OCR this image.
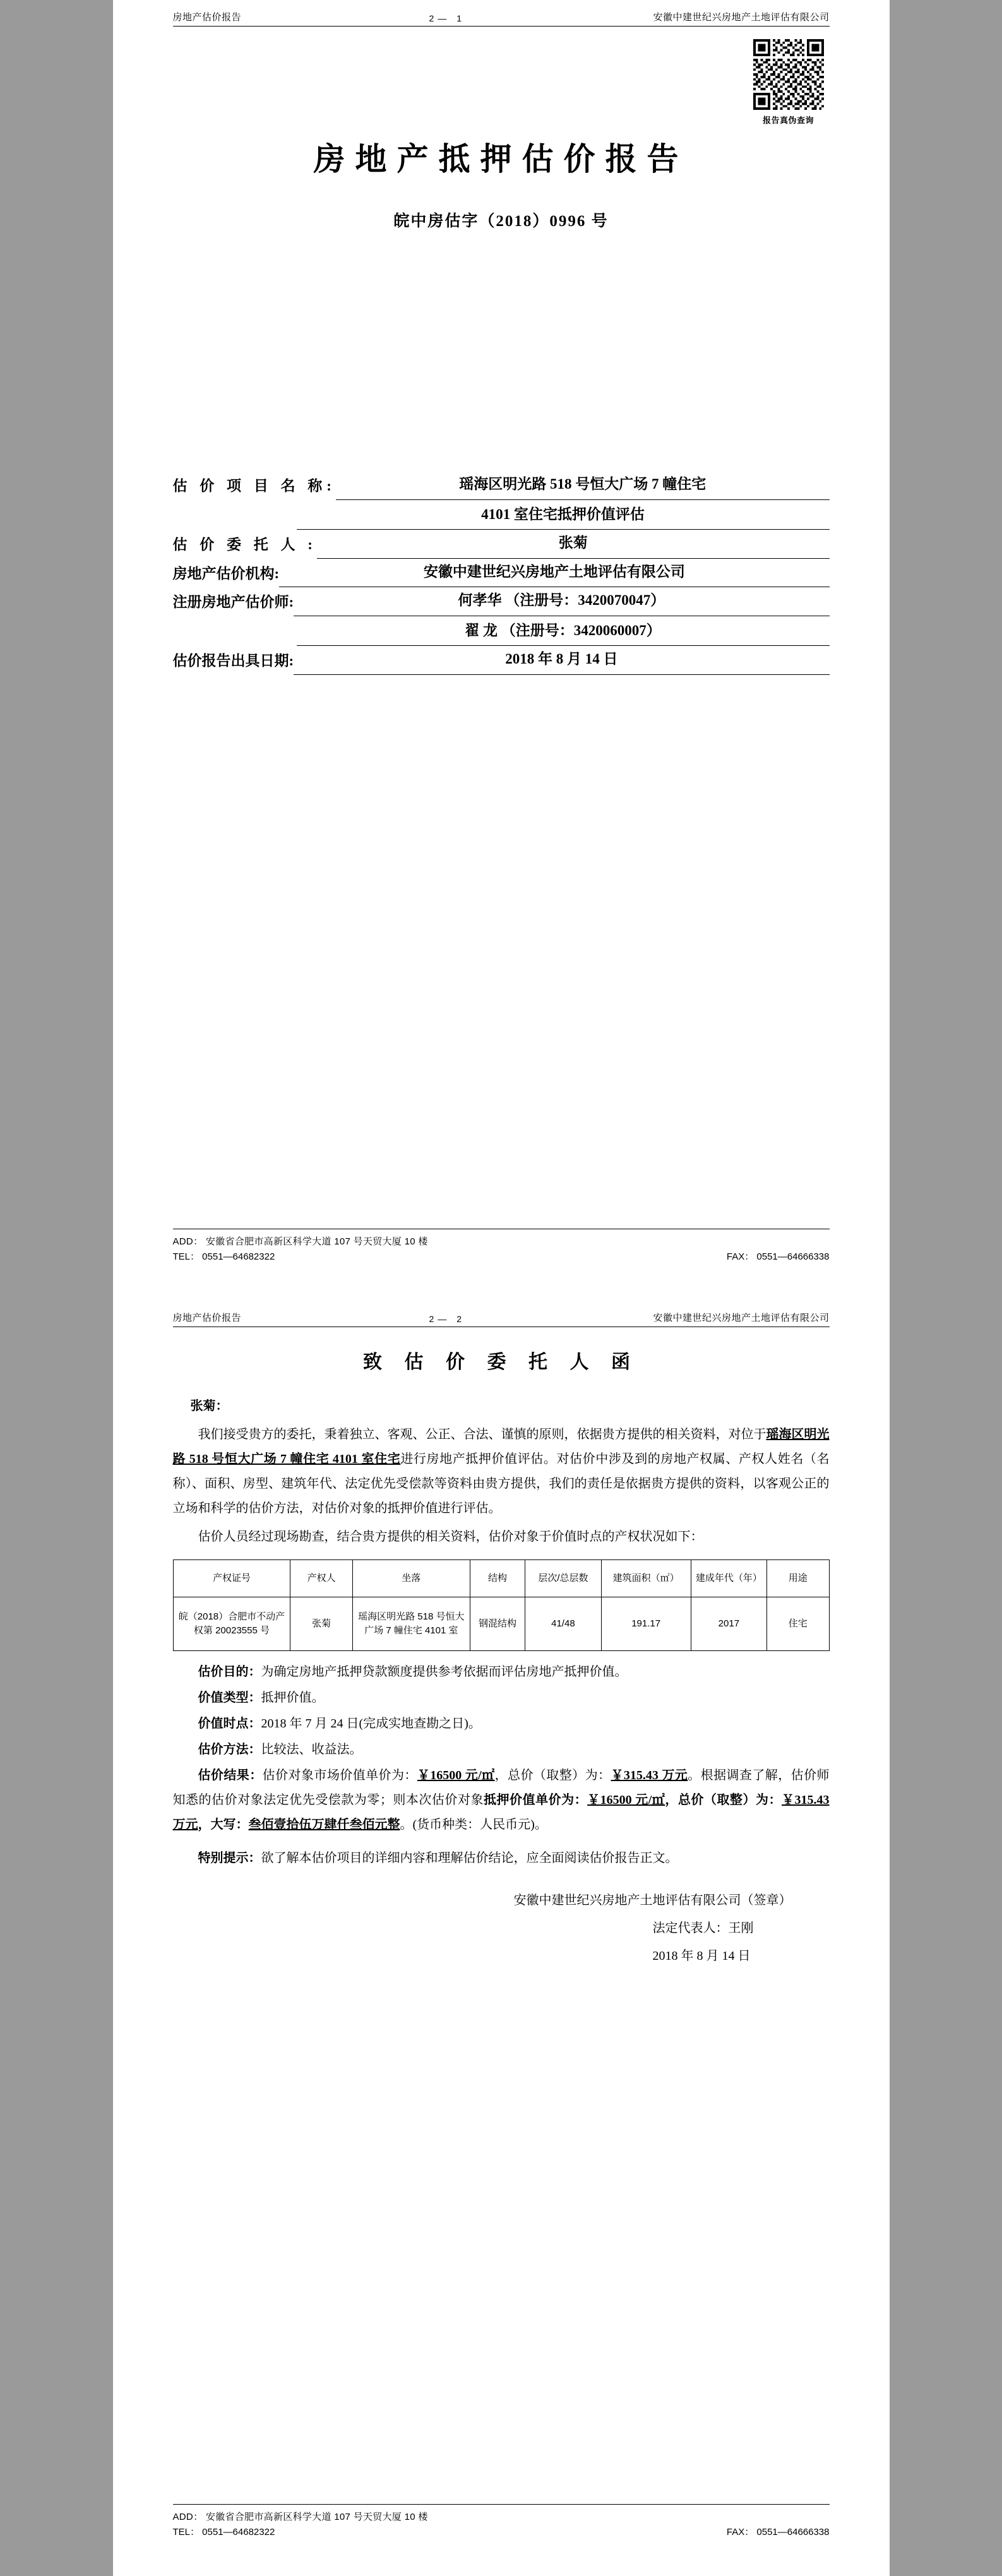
房地产估价报告	2— 1	安徽中建世纪兴房地产土地评估有限公司
报告真伪查询
房地产抵押估价报告
皖中房估字（2018）0996 号
估 价 项 目 名 称:	瑶海区明光路 518 号恒大广场 7 幢住宅
4101 室住宅抵押价值评估
估 价 委 托 人 :	张菊
房地产估价机构:	安徽中建世纪兴房地产土地评估有限公司
注册房地产估价师:	何孝华 （注册号：3420070047）
翟 龙 （注册号：3420060007）
估价报告出具日期:	2018 年 8 月 14 日
ADD： 安徽省合肥市高新区科学大道 107 号天贸大厦 10 楼
TEL： 0551—64682322	FAX： 0551—64666338
房地产估价报告	2— 2	安徽中建世纪兴房地产土地评估有限公司
致 估 价 委 托 人 函
张菊：

我们接受贵方的委托，秉着独立、客观、公正、合法、谨慎的原则，依据贵方提供的相关资料，对位于瑶海区明光路 518 号恒大广场 7 幢住宅 4101 室住宅进行房地产抵押价值评估。对估价中涉及到的房地产权属、产权人姓名（名称）、面积、房型、建筑年代、法定优先受偿款等资料由贵方提供，我们的责任是依据贵方提供的资料，以客观公正的立场和科学的估价方法，对估价对象的抵押价值进行评估。

估价人员经过现场勘查，结合贵方提供的相关资料，估价对象于价值时点的产权状况如下：

产权证号	产权人	坐落	结构	层次/总层数	建筑面积（㎡）	建成年代（年）	用途
皖（2018）合肥市不动产权第 20023555 号	张菊	瑶海区明光路 518 号恒大广场 7 幢住宅 4101 室	钢混结构	41/48	191.17	2017	住宅
估价目的：为确定房地产抵押贷款额度提供参考依据而评估房地产抵押价值。
价值类型：抵押价值。
价值时点：2018 年 7 月 24 日(完成实地查勘之日)。
估价方法：比较法、收益法。
估价结果：估价对象市场价值单价为：￥16500 元/㎡，总价（取整）为：￥315.43 万元。根据调查了解，估价师知悉的估价对象法定优先受偿款为零；则本次估价对象抵押价值单价为：￥16500 元/㎡，总价（取整）为：￥315.43 万元，大写：叁佰壹拾伍万肆仟叁佰元整。(货币种类：人民币元)。
特别提示：欲了解本估价项目的详细内容和理解估价结论，应全面阅读估价报告正文。
安徽中建世纪兴房地产土地评估有限公司（签章）
法定代表人：王刚
2018 年 8 月 14 日
ADD： 安徽省合肥市高新区科学大道 107 号天贸大厦 10 楼
TEL： 0551—64682322	FAX： 0551—64666338
